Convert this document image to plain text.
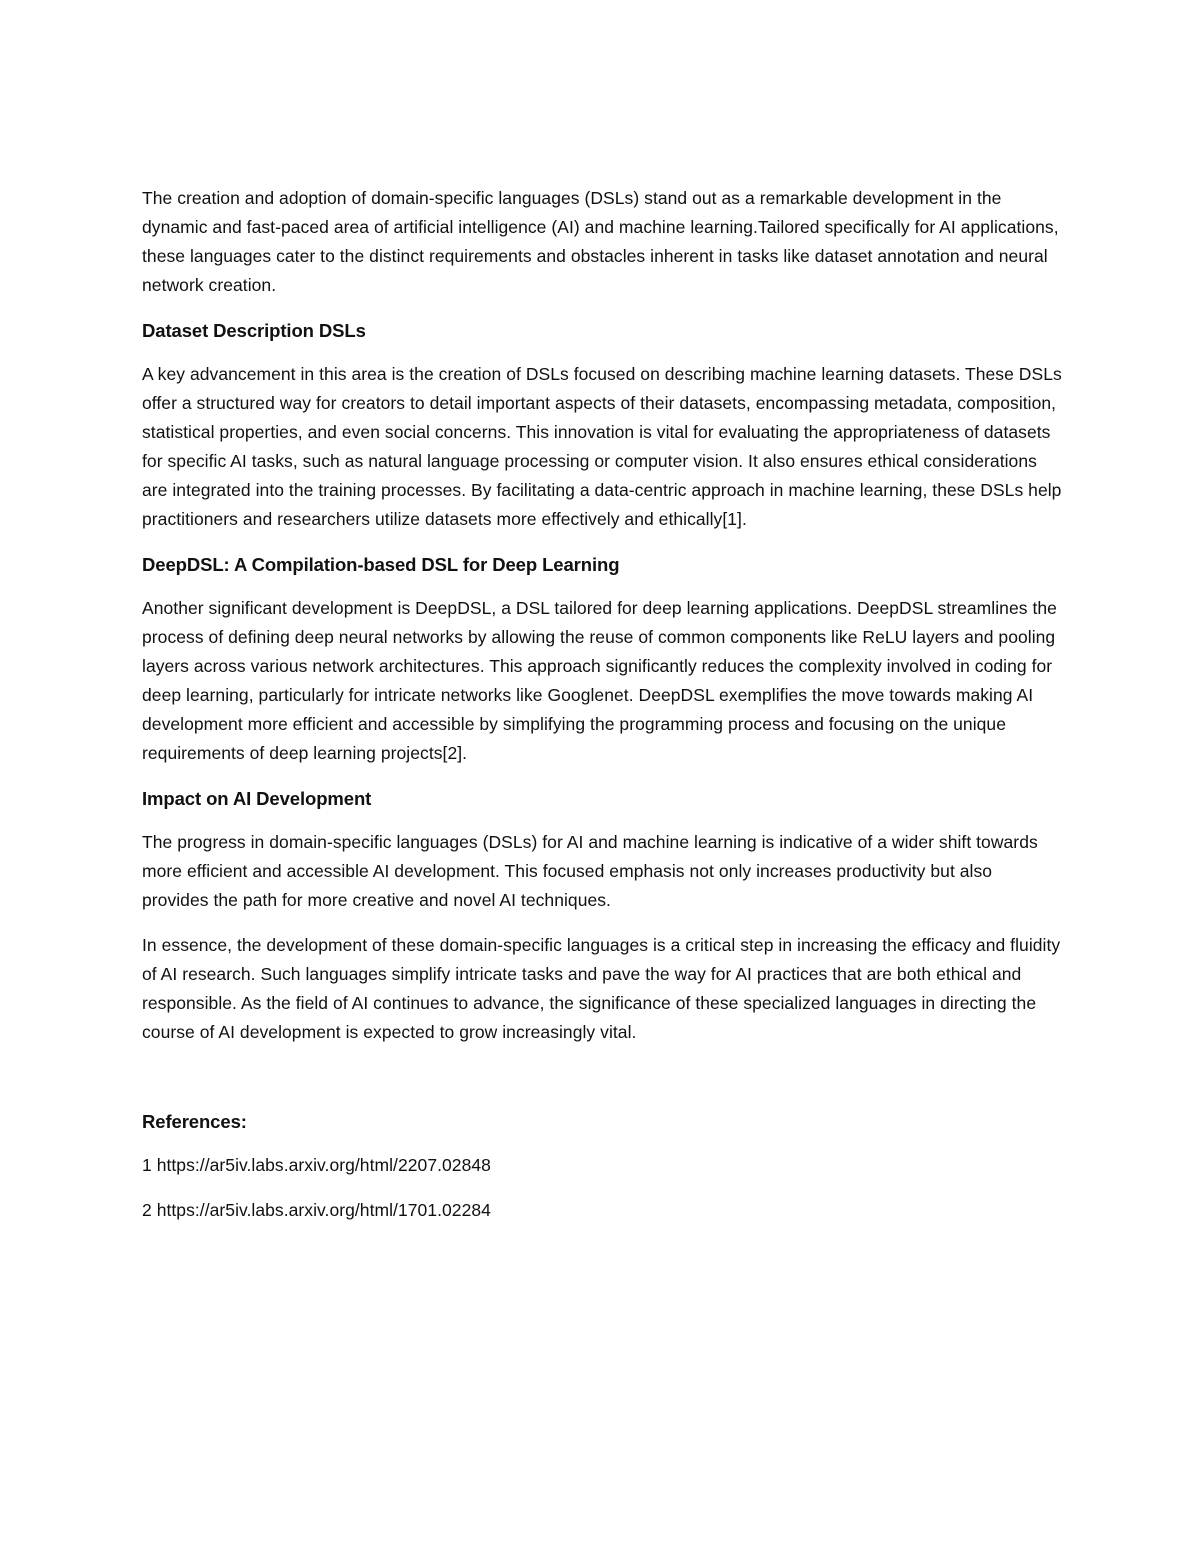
The creation and adoption of domain-specific languages (DSLs) stand out as a remarkable development in the dynamic and fast-paced area of artificial intelligence (AI) and machine learning.Tailored specifically for AI applications, these languages cater to the distinct requirements and obstacles inherent in tasks like dataset annotation and neural network creation.

Dataset Description DSLs

A key advancement in this area is the creation of DSLs focused on describing machine learning datasets. These DSLs offer a structured way for creators to detail important aspects of their datasets, encompassing metadata, composition, statistical properties, and even social concerns. This innovation is vital for evaluating the appropriateness of datasets for specific AI tasks, such as natural language processing or computer vision. It also ensures ethical considerations are integrated into the training processes. By facilitating a data-centric approach in machine learning, these DSLs help practitioners and researchers utilize datasets more effectively and ethically[1].

DeepDSL: A Compilation-based DSL for Deep Learning

Another significant development is DeepDSL, a DSL tailored for deep learning applications. DeepDSL streamlines the process of defining deep neural networks by allowing the reuse of common components like ReLU layers and pooling layers across various network architectures. This approach significantly reduces the complexity involved in coding for deep learning, particularly for intricate networks like Googlenet. DeepDSL exemplifies the move towards making AI development more efficient and accessible by simplifying the programming process and focusing on the unique requirements of deep learning projects[2].

Impact on AI Development

The progress in domain-specific languages (DSLs) for AI and machine learning is indicative of a wider shift towards more efficient and accessible AI development. This focused emphasis not only increases productivity but also provides the path for more creative and novel AI techniques.

In essence, the development of these domain-specific languages is a critical step in increasing the efficacy and fluidity of AI research. Such languages simplify intricate tasks and pave the way for AI practices that are both ethical and responsible. As the field of AI continues to advance, the significance of these specialized languages in directing the course of AI development is expected to grow increasingly vital.

References:

1 https://ar5iv.labs.arxiv.org/html/2207.02848

2 https://ar5iv.labs.arxiv.org/html/1701.02284
